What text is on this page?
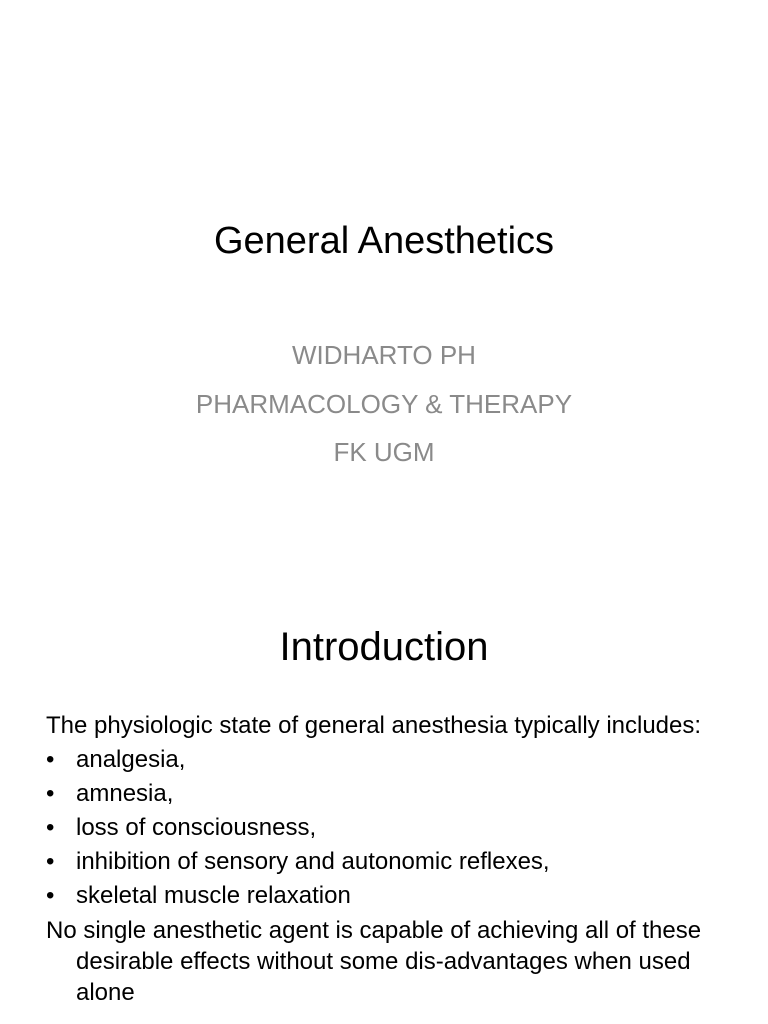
General Anesthetics
WIDHARTO PH
PHARMACOLOGY & THERAPY
FK UGM
Introduction

The physiologic state of general anesthesia typically includes:

• analgesia,
• amnesia,
• loss of consciousness,
• inhibition of sensory and autonomic reflexes,
• skeletal muscle relaxation

No single anesthetic agent is capable of achieving all of these desirable effects without some dis-advantages when used alone
